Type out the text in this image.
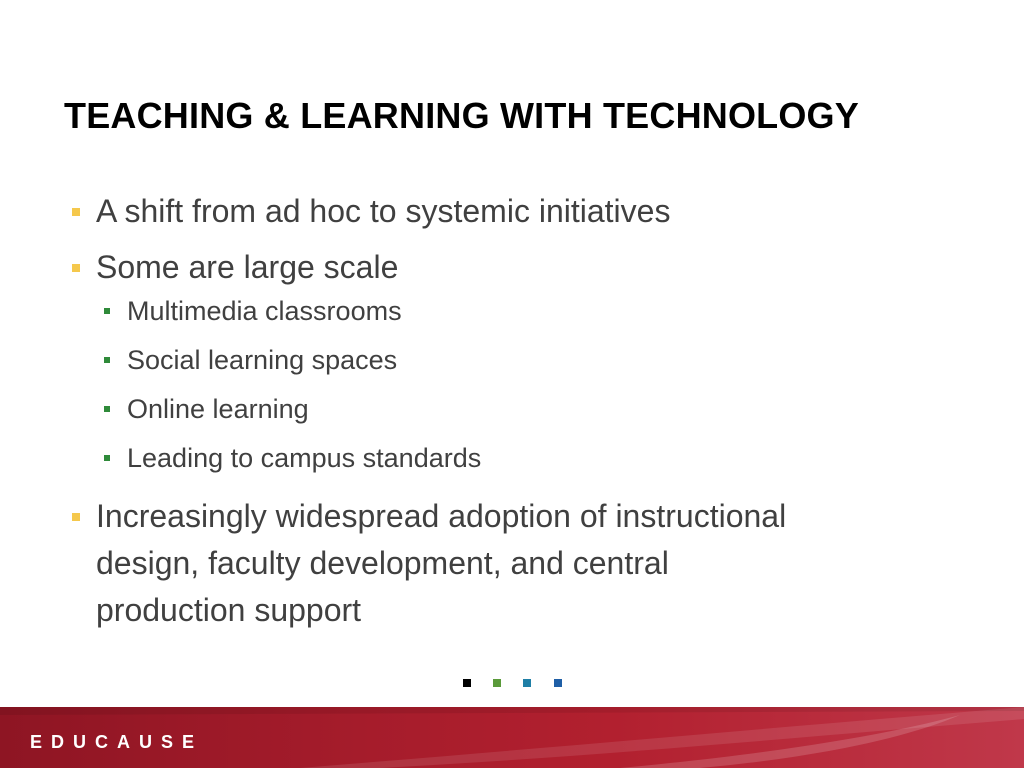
TEACHING & LEARNING WITH TECHNOLOGY
A shift from ad hoc to systemic initiatives
Some are large scale
Multimedia classrooms
Social learning spaces
Online learning
Leading to campus standards
Increasingly widespread adoption of instructional
design, faculty development, and central
production support

EDUCAUSE
